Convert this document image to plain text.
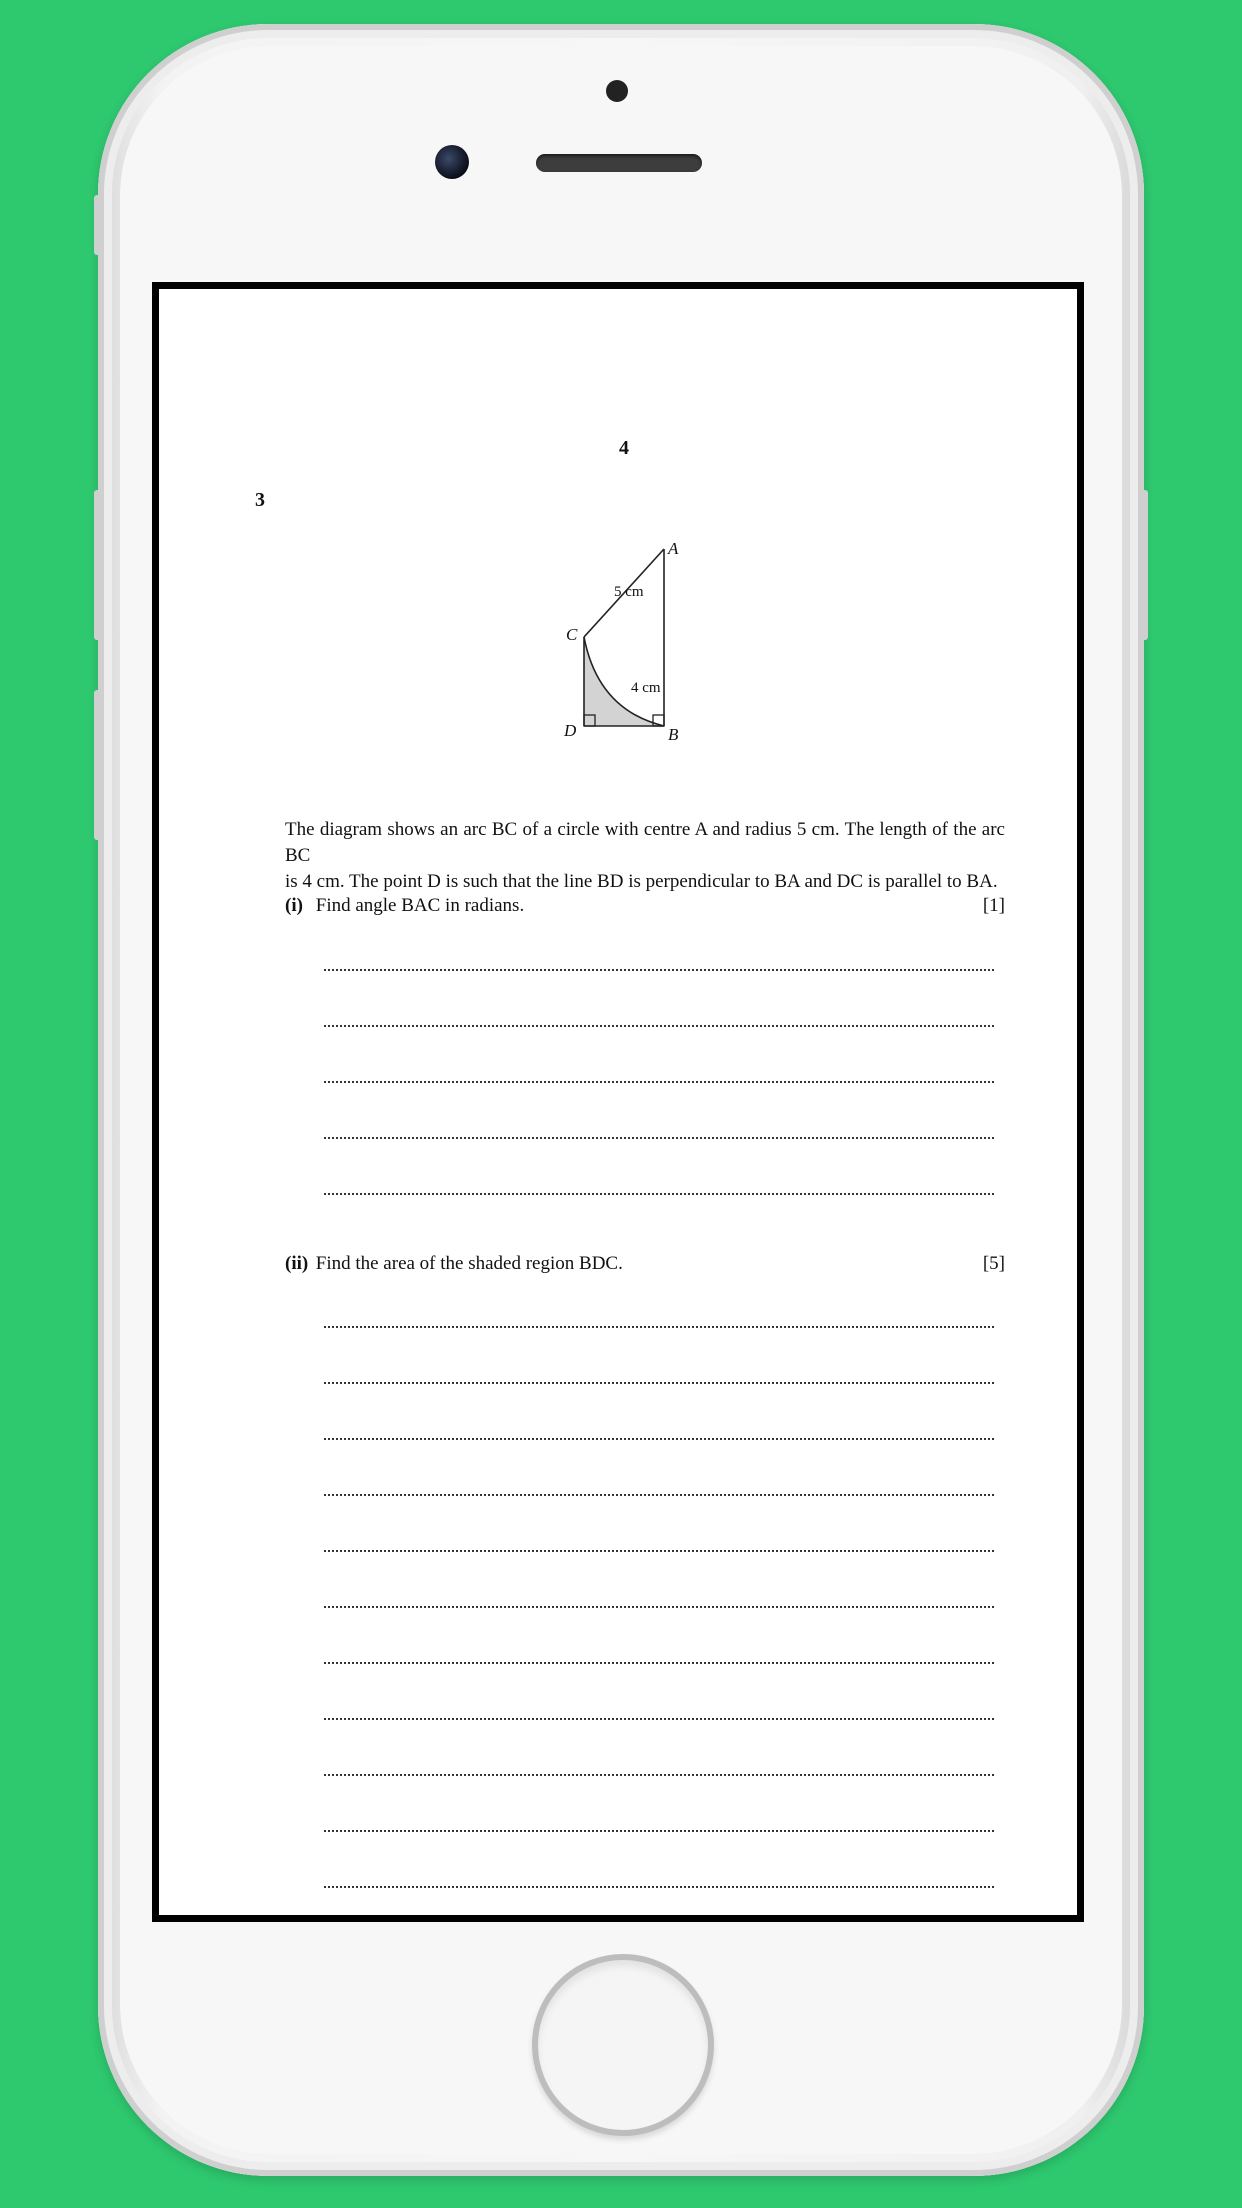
4
3
A
B
C
D
5 cm
4 cm
The diagram shows an arc BC of a circle with centre A and radius 5 cm. The length of the arc BC
is 4 cm. The point D is such that the line BD is perpendicular to BA and DC is parallel to BA.
(i) Find angle BAC in radians.	[1]
(ii) Find the area of the shaded region BDC.	[5]
